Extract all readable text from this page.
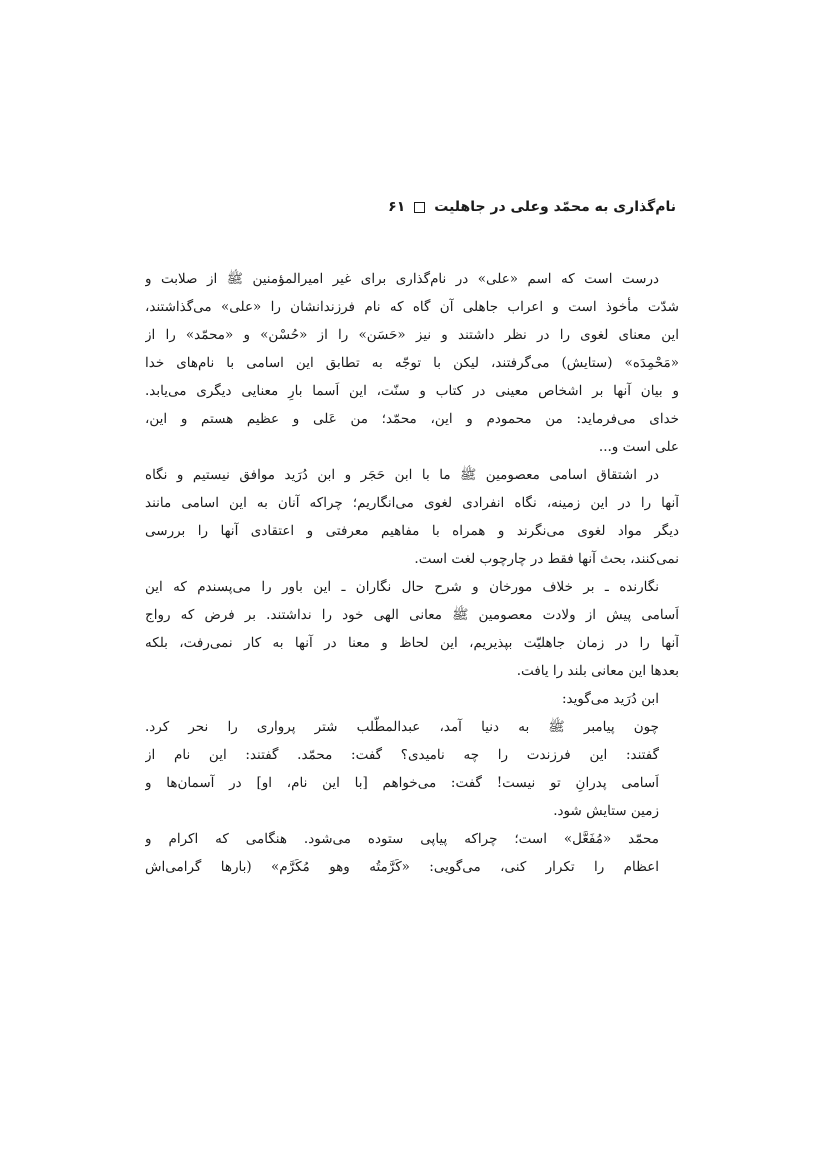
نام‌گذاری به محمّد وعلی در جاهلیت
۶۱
درست است که اسم «علی» در نام‌گذاری برای غیر امیرالمؤمنین ﷺ از صلابت و
شدّت مأخوذ است و اعراب جاهلی آن گاه که نام فرزندانشان را «علی» می‌گذاشتند،
این معنای لغوی را در نظر داشتند و نیز «حَسَن» را از «حُسْن» و «محمّد» را از
«مَحْمِدَه» (ستایش) می‌گرفتند، لیکن با توجّه به تطابق این اسامی با نام‌های خدا
و بیان آنها بر اشخاص معینی در کتاب و سنّت، این اَسما بارِ معنایی دیگری می‌یابد.
خدای می‌فرماید: من محمودم و این، محمّد؛ من عَلی و عظیم هستم و این،
علی است و...
در اشتقاق اسامی معصومین ﷺ ما با ابن حَجَر و ابن دُرَید موافق نیستیم و نگاه
آنها را در این زمینه، نگاه انفرادی لغوی می‌انگاریم؛ چراکه آنان به این اسامی مانند
دیگر مواد لغوی می‌نگرند و همراه با مفاهیم معرفتی و اعتقادی آنها را بررسی
نمی‌کنند، بحث آنها فقط در چارچوب لغت است.
نگارنده ـ بر خلاف مورخان و شرح حال نگاران ـ این باور را می‌پسندم که این
اَسامی پیش از ولادت معصومین ﷺ معانی الهی خود را نداشتند. بر فرض که رواج
آنها را در زمان جاهلیّت بپذیریم، این لحاظ و معنا در آنها به کار نمی‌رفت، بلکه
بعدها این معانی بلند را یافت.
ابن دُرَید می‌گوید:
چون پیامبر ﷺ به دنیا آمد، عبدالمطّلب شتر پرواری را نحر کرد.
گفتند: این فرزندت را چه نامیدی؟ گفت: محمّد. گفتند: این نام از
اَسامی پدرانِ تو نیست! گفت: می‌خواهم [با این نام، او] در آسمان‌ها و
زمین ستایش شود.
محمّد «مُفَعَّل» است؛ چراکه پیاپی ستوده می‌شود. هنگامی که اکرام و
اعظام را تکرار کنی، می‌گویی: «کَرَّمتُه وهو مُکَرَّم» (بارها گرامی‌اش
